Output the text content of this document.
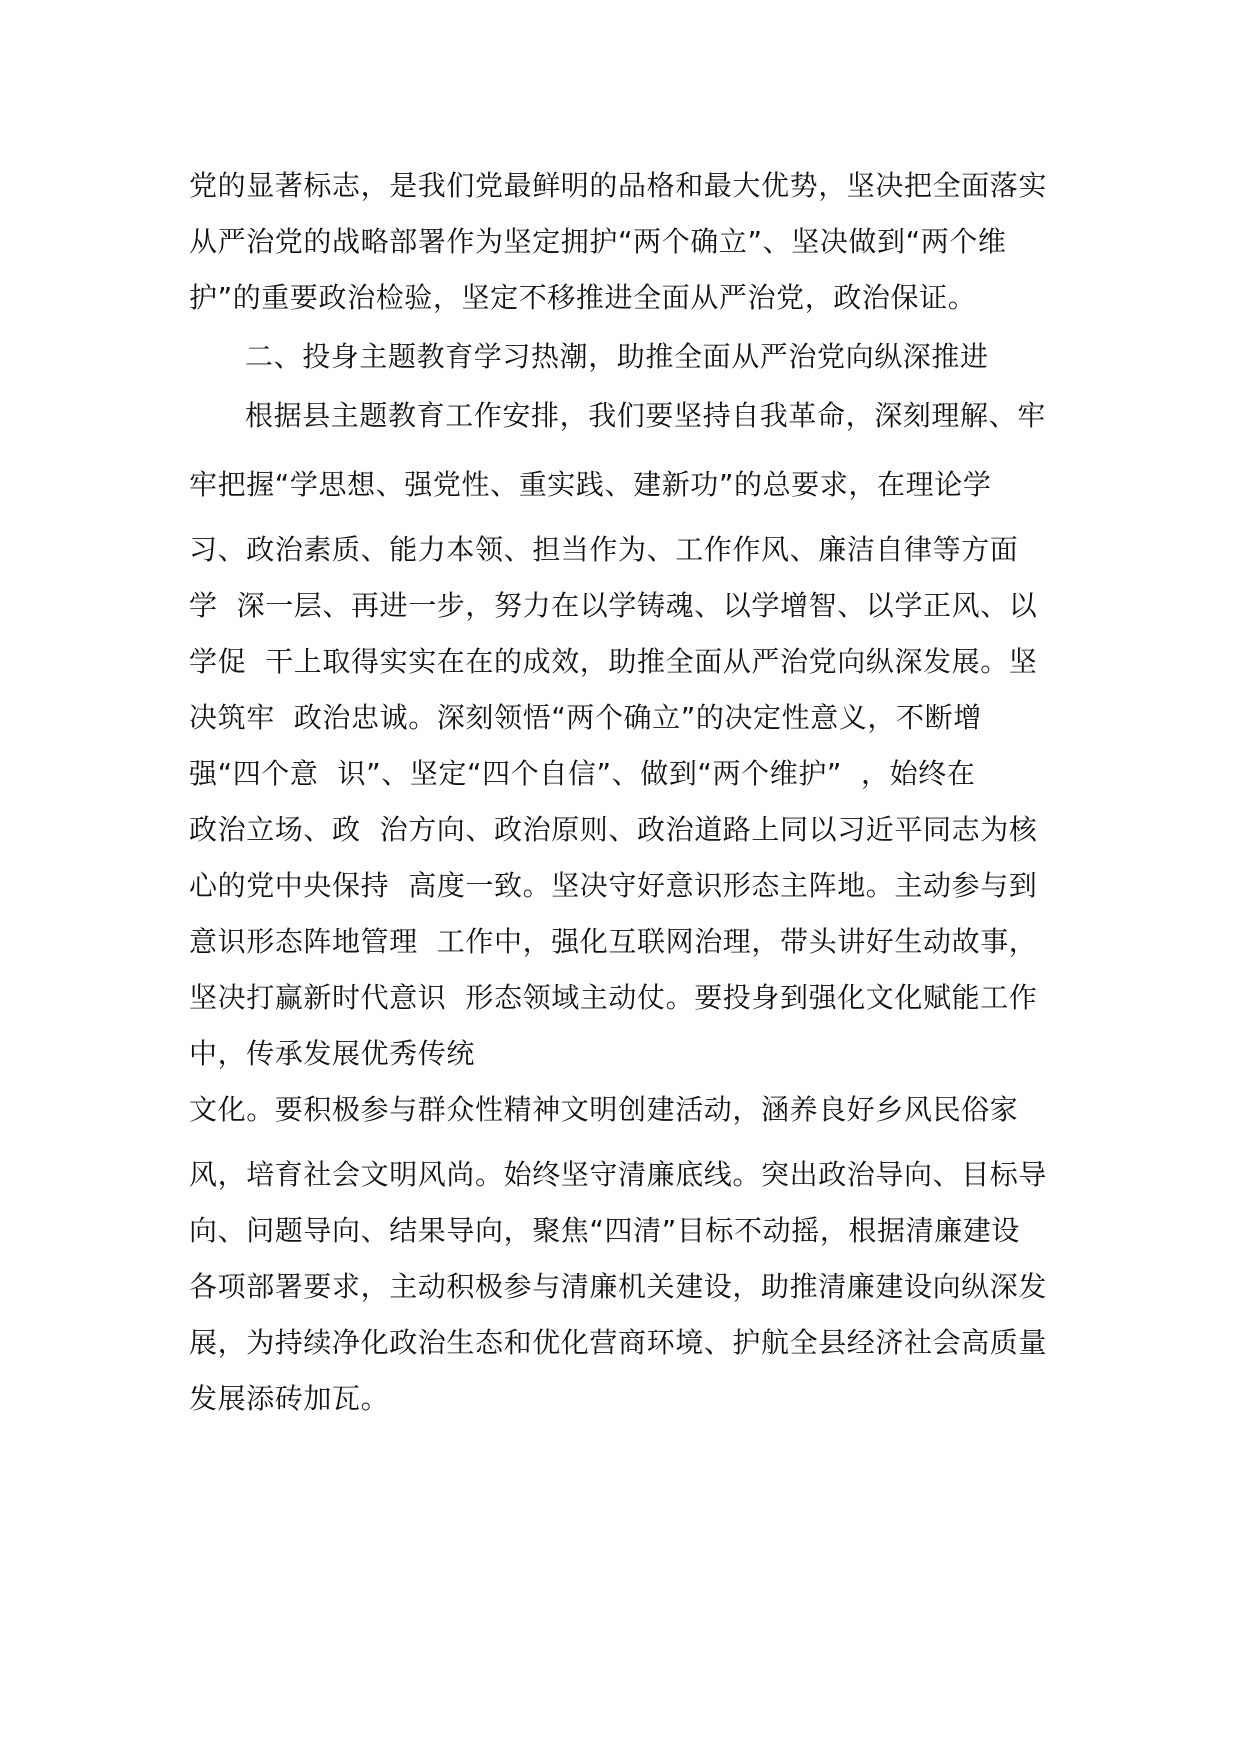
党的显著标志，是我们党最鲜明的品格和最大优势，坚决把全面落实
从严治党的战略部署作为坚定拥护“两个确立”、坚决做到“两个维
护”的重要政治检验，坚定不移推进全面从严治党，政治保证。
二、投身主题教育学习热潮，助推全面从严治党向纵深推进
根据县主题教育工作安排，我们要坚持自我革命，深刻理解、牢
牢把握“学思想、强党性、重实践、建新功”的总要求，在理论学
习、政治素质、能力本领、担当作为、工作作风、廉洁自律等方面
学  深一层、再进一步，努力在以学铸魂、以学增智、以学正风、以
学促  干上取得实实在在的成效，助推全面从严治党向纵深发展。坚
决筑牢  政治忠诚。深刻领悟“两个确立”的决定性意义，不断增
强“四个意  识”、坚定“四个自信”、做到“两个维护”  ，始终在
政治立场、政  治方向、政治原则、政治道路上同以习近平同志为核
心的党中央保持  高度一致。坚决守好意识形态主阵地。主动参与到
意识形态阵地管理  工作中，强化互联网治理，带头讲好生动故事，
坚决打赢新时代意识  形态领域主动仗。要投身到强化文化赋能工作
中，传承发展优秀传统
文化。要积极参与群众性精神文明创建活动，涵养良好乡风民俗家
风，培育社会文明风尚。始终坚守清廉底线。突出政治导向、目标导
向、问题导向、结果导向，聚焦“四清”目标不动摇，根据清廉建设
各项部署要求，主动积极参与清廉机关建设，助推清廉建设向纵深发
展，为持续净化政治生态和优化营商环境、护航全县经济社会高质量
发展添砖加瓦。
